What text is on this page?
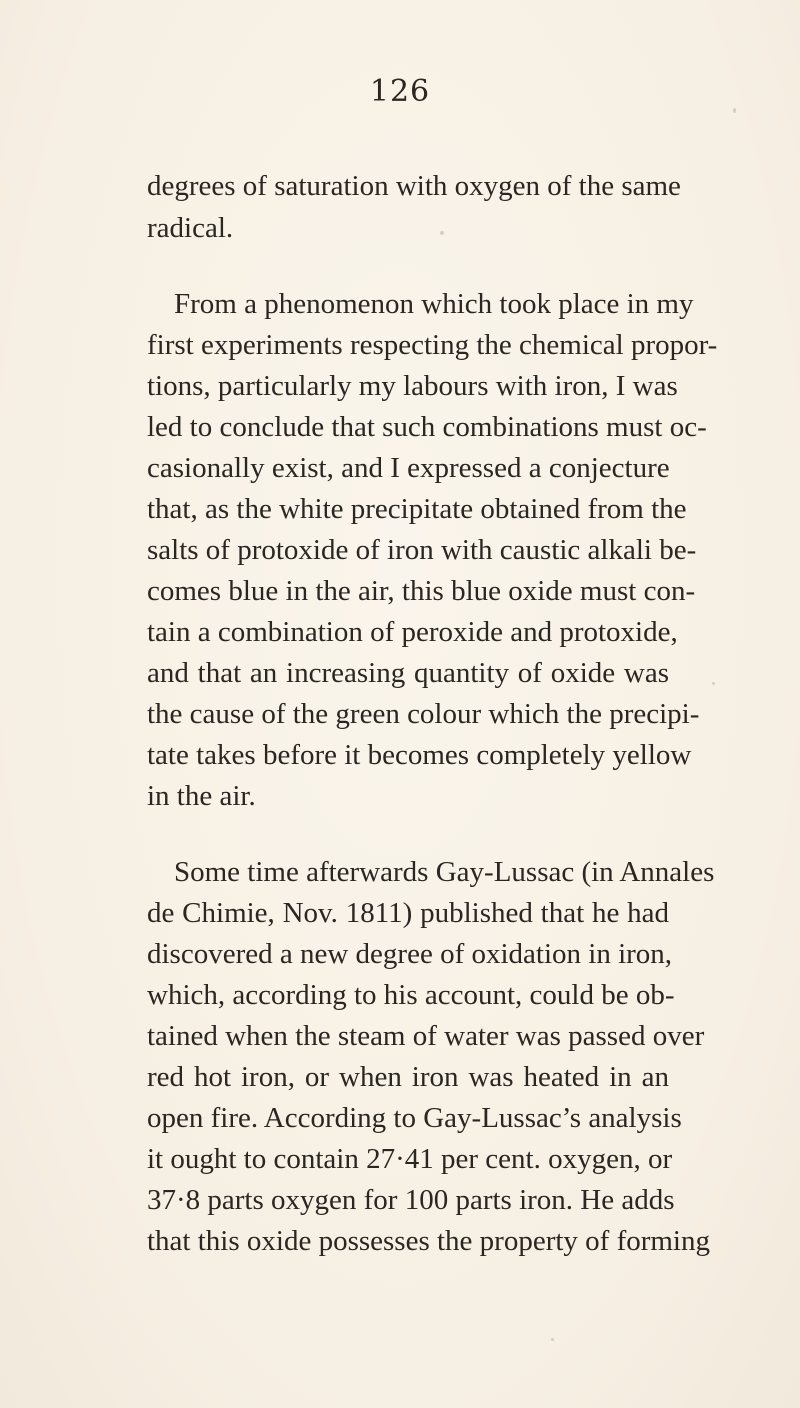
126
degrees of saturation with oxygen of the same
radical.
From a phenomenon which took place in my
first experiments respecting the chemical propor-
tions, particularly my labours with iron, I was
led to conclude that such combinations must oc-
casionally exist, and I expressed a conjecture
that, as the white precipitate obtained from the
salts of protoxide of iron with caustic alkali be-
comes blue in the air, this blue oxide must con-
tain a combination of peroxide and protoxide,
and that an increasing quantity of oxide was
the cause of the green colour which the precipi-
tate takes before it becomes completely yellow
in the air.
Some time afterwards Gay-Lussac (in Annales
de Chimie, Nov. 1811) published that he had
discovered a new degree of oxidation in iron,
which, according to his account, could be ob-
tained when the steam of water was passed over
red hot iron, or when iron was heated in an
open fire. According to Gay-Lussac’s analysis
it ought to contain 27·41 per cent. oxygen, or
37·8 parts oxygen for 100 parts iron. He adds
that this oxide possesses the property of forming
